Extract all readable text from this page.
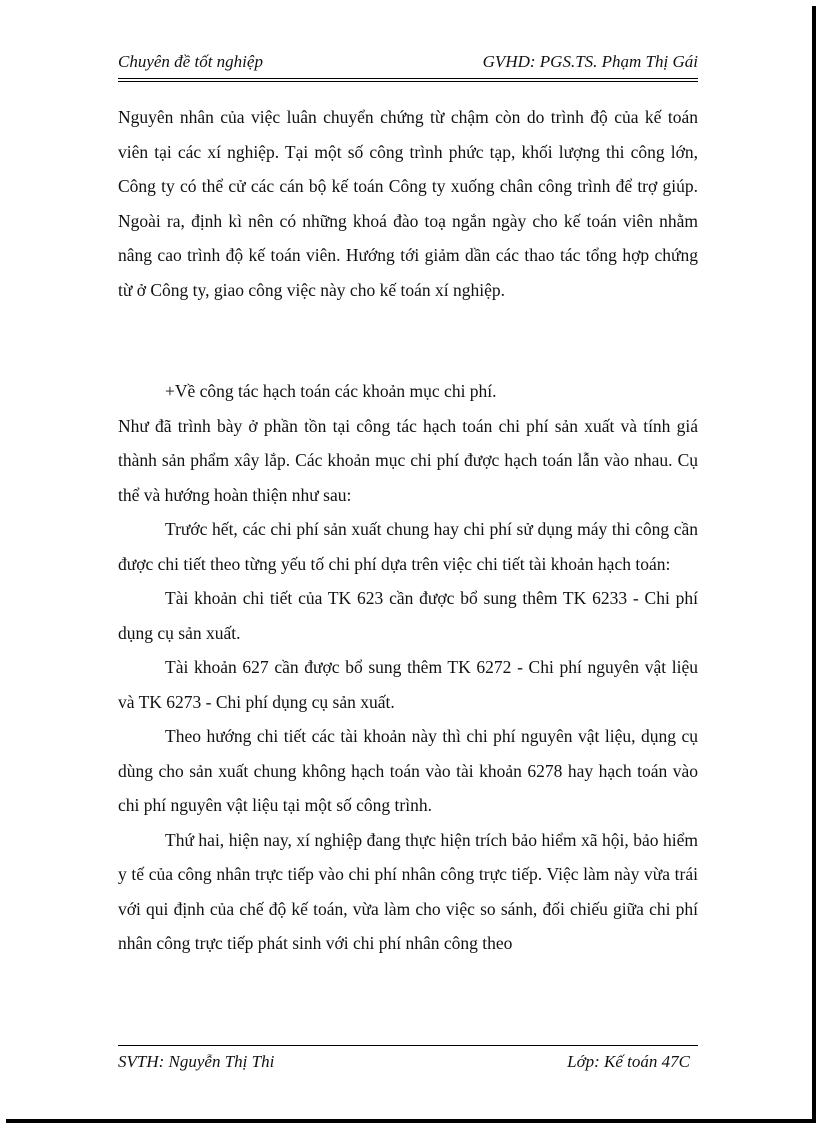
Chuyên đề tốt nghiệp	GVHD: PGS.TS. Phạm Thị Gái

Nguyên nhân của việc luân chuyển chứng từ chậm còn do trình độ của kế toán viên tại các xí nghiệp. Tại một số công trình phức tạp, khối lượng thi công lớn, Công ty có thể cử các cán bộ kế toán Công ty xuống chân công trình để trợ giúp. Ngoài ra, định kì nên có những khoá đào toạ ngắn ngày cho kế toán viên nhằm nâng cao trình độ kế toán viên. Hướng tới giảm dần các thao tác tổng hợp chứng từ ở Công ty, giao công việc này cho kế toán xí nghiệp.

+Về công tác hạch toán các khoản mục chi phí.

Như đã trình bày ở phần tồn tại công tác hạch toán chi phí sản xuất và tính giá thành sản phẩm xây lắp. Các khoản mục chi phí được hạch toán lẫn vào nhau. Cụ thể và hướng hoàn thiện như sau:

Trước hết, các chi phí sản xuất chung hay chi phí sử dụng máy thi công cần được chi tiết theo từng yếu tố chi phí dựa trên việc chi tiết tài khoản hạch toán:

Tài khoản chi tiết của TK 623 cần được bổ sung thêm TK 6233 - Chi phí dụng cụ sản xuất.

Tài khoản 627 cần được bổ sung thêm TK 6272 - Chi phí nguyên vật liệu và TK 6273 - Chi phí dụng cụ sản xuất.

Theo hướng chi tiết các tài khoản này thì chi phí nguyên vật liệu, dụng cụ dùng cho sản xuất chung không hạch toán vào tài khoản 6278 hay hạch toán vào chi phí nguyên vật liệu tại một số công trình.

Thứ hai, hiện nay, xí nghiệp đang thực hiện trích bảo hiểm xã hội, bảo hiểm y tế của công nhân trực tiếp vào chi phí nhân công trực tiếp. Việc làm này vừa trái với qui định của chế độ kế toán, vừa làm cho việc so sánh, đối chiếu giữa chi phí nhân công trực tiếp phát sinh với chi phí nhân công theo

SVTH: Nguyễn Thị Thi	Lớp: Kế toán 47C
